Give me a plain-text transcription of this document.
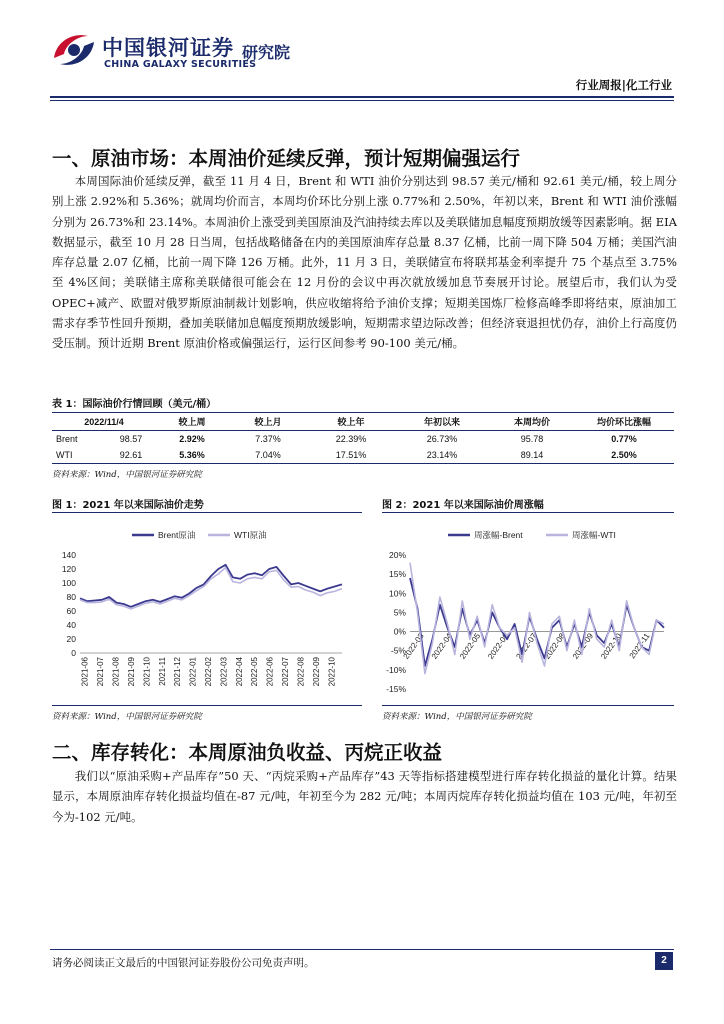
中国银河证券
CHINA GALAXY SECURITIES
研究院
行业周报|化工行业
一、原油市场：本周油价延续反弹，预计短期偏强运行

本周国际油价延续反弹，截至 11 月 4 日，Brent 和 WTI 油价分别达到 98.57 美元/桶和 92.61 美元/桶，较上周分别上涨 2.92%和 5.36%；就周均价而言，本周均价环比分别上涨 0.77%和 2.50%，年初以来，Brent 和 WTI 油价涨幅分别为 26.73%和 23.14%。本周油价上涨受到美国原油及汽油持续去库以及美联储加息幅度预期放缓等因素影响。据 EIA 数据显示，截至 10 月 28 日当周，包括战略储备在内的美国原油库存总量 8.37 亿桶，比前一周下降 504 万桶；美国汽油库存总量 2.07 亿桶，比前一周下降 126 万桶。此外，11 月 3 日，美联储宣布将联邦基金利率提升 75 个基点至 3.75%至 4%区间；美联储主席称美联储很可能会在 12 月份的会议中再次就放缓加息节奏展开讨论。展望后市，我们认为受 OPEC+减产、欧盟对俄罗斯原油制裁计划影响，供应收缩将给予油价支撑；短期美国炼厂检修高峰季即将结束，原油加工需求存季节性回升预期，叠加美联储加息幅度预期放缓影响，短期需求望边际改善；但经济衰退担忧仍存，油价上行高度仍受压制。预计近期 Brent 原油价格或偏强运行，运行区间参考 90-100 美元/桶。

表 1：国际油价行情回顾（美元/桶）
2022/11/4	较上周	较上月	较上年	年初以来	本周均价	均价环比涨幅

Brent 98.57	2.92%	7.37%	22.39%	26.73%	95.78	0.77%

WTI 92.61	5.36%	7.04%	17.51%	23.14%	89.14	2.50%
资料来源：Wind，中国银河证券研究院
图 1：2021 年以来国际油价走势
Brent原油	WTI原油
0
20
40
60
80
100
120
140
2021-06 2021-07 2021-08 2021-09 2021-10 2021-11 2021-12 2022-01 2022-02 2022-03 2022-04 2022-05 2022-06 2022-07 2022-08 2022-09 2022-10
资料来源：Wind，中国银河证券研究院
图 2：2021 年以来国际油价周涨幅
周涨幅-Brent	周涨幅-WTI
-15%
-10%
-5%
0%
5%
10%
15%
20%
2022-03 2022-04 2022-05 2022-06 2022-07 2022-08 2022-09 2022-10 2022-11
资料来源：Wind，中国银河证券研究院
二、库存转化：本周原油负收益、丙烷正收益

我们以“原油采购+产品库存”50 天、“丙烷采购+产品库存”43 天等指标搭建模型进行库存转化损益的量化计算。结果显示，本周原油库存转化损益均值在-87 元/吨，年初至今为 282 元/吨；本周丙烷库存转化损益均值在 103 元/吨，年初至今为-102 元/吨。

请务必阅读正文最后的中国银河证券股份公司免责声明。	2
